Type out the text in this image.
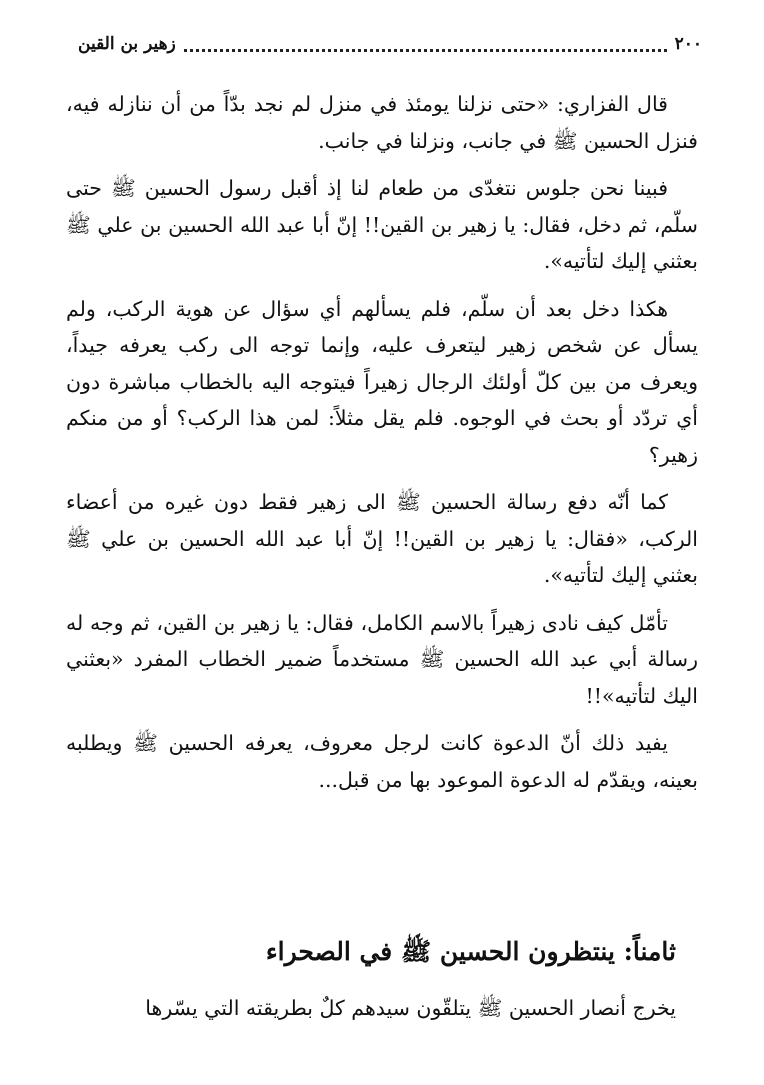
٢٠٠
زهير بن القين

قال الفزاري: «حتى نزلنا يومئذ في منزل لم نجد بدّاً من أن ننازله فيه، فنزل الحسين ﷺ في جانب، ونزلنا في جانب.

فبينا نحن جلوس نتغدّى من طعام لنا إذ أقبل رسول الحسين ﷺ حتى سلّم، ثم دخل، فقال: يا زهير بن القين!! إنّ أبا عبد الله الحسين بن علي ﷺ بعثني إليك لتأتيه».

هكذا دخل بعد أن سلّم، فلم يسألهم أي سؤال عن هوية الركب، ولم يسأل عن شخص زهير ليتعرف عليه، وإنما توجه الى ركب يعرفه جيداً، ويعرف من بين كلّ أولئك الرجال زهيراً فيتوجه اليه بالخطاب مباشرة دون أي تردّد أو بحث في الوجوه. فلم يقل مثلاً: لمن هذا الركب؟ أو من منكم زهير؟

كما أنّه دفع رسالة الحسين ﷺ الى زهير فقط دون غيره من أعضاء الركب، «فقال: يا زهير بن القين!! إنّ أبا عبد الله الحسين بن علي ﷺ بعثني إليك لتأتيه».

تأمّل كيف نادى زهيراً بالاسم الكامل، فقال: يا زهير بن القين، ثم وجه له رسالة أبي عبد الله الحسين ﷺ مستخدماً ضمير الخطاب المفرد «بعثني اليك لتأتيه»!!

يفيد ذلك أنّ الدعوة كانت لرجل معروف، يعرفه الحسين ﷺ ويطلبه بعينه، ويقدّم له الدعوة الموعود بها من قبل...

ثامناً: ينتظرون الحسين ﷺ في الصحراء
يخرج أنصار الحسين ﷺ يتلقّون سيدهم كلٌ بطريقته التي يسّرها
